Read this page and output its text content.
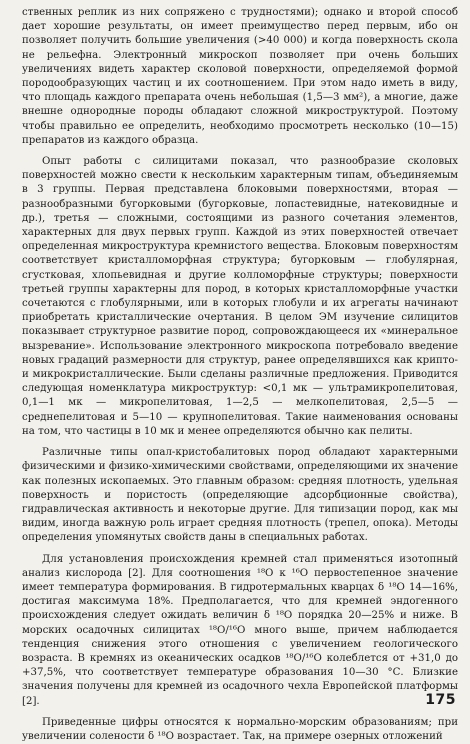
ственных реплик из них сопряжено с трудностями); однако и второй способ дает хорошие результаты, он имеет преимущество перед первым, ибо он позволяет получить большие увеличения (>40 000) и когда поверхность скола не рельефна. Электронный микроскоп позволяет при очень больших увеличениях видеть характер сколовой поверхности, определяемой формой породообразующих частиц и их соотношением. При этом надо иметь в виду, что площадь каждого препарата очень небольшая (1,5—3 мм²), а многие, даже внешне однородные породы обладают сложной микроструктурой. Поэтому чтобы правильно ее определить, необходимо просмотреть несколько (10—15) препаратов из каждого образца.

Опыт работы с силицитами показал, что разнообразие сколовых поверхностей можно свести к нескольким характерным типам, объединяемым в 3 группы. Первая представлена блоковыми поверхностями, вторая — разнообразными бугорковыми (бугорковые, лопастевидные, натековидные и др.), третья — сложными, состоящими из разного сочетания элементов, характерных для двух первых групп. Каждой из этих поверхностей отвечает определенная микроструктура кремнистого вещества. Блоковым поверхностям соответствует кристалломорфная структура; бугорковым — глобулярная, сгустковая, хлопьевидная и другие колломорфные структуры; поверхности третьей группы характерны для пород, в которых кристалломорфные участки сочетаются с глобулярными, или в которых глобули и их агрегаты начинают приобретать кристаллические очертания. В целом ЭМ изучение силицитов показывает структурное развитие пород, сопровождающееся их «минеральное вызревание». Использование электронного микроскопа потребовало введение новых градаций размерности для структур, ранее определявшихся как крипто- и микрокристаллические. Были сделаны различные предложения. Приводится следующая номенклатура микроструктур: <0,1 мк — ультрамикропелитовая, 0,1—1 мк — микропелитовая, 1—2,5 — мелкопелитовая, 2,5—5 — среднепелитовая и 5—10 — крупнопелитовая. Такие наименования основаны на том, что частицы в 10 мк и менее определяются обычно как пелиты.

Различные типы опал-кристобалитовых пород обладают характерными физическими и физико-химическими свойствами, определяющими их значение как полезных ископаемых. Это главным образом: средняя плотность, удельная поверхность и пористость (определяющие адсорбционные свойства), гидравлическая активность и некоторые другие. Для типизации пород, как мы видим, иногда важную роль играет средняя плотность (трепел, опока). Методы определения упомянутых свойств даны в специальных работах.

Для установления происхождения кремней стал применяться изотопный анализ кислорода [2]. Для соотношения ¹⁸O к ¹⁶O первостепенное значение имеет температура формирования. В гидротермальных кварцах δ ¹⁸O 14—16%, достигая максимума 18%. Предполагается, что для кремней эндогенного происхождения следует ожидать величин δ ¹⁸O порядка 20—25% и ниже. В морских осадочных силицитах ¹⁸O/¹⁶O много выше, причем наблюдается тенденция снижения этого отношения с увеличением геологического возраста. В кремнях из океанических осадков ¹⁸O/¹⁶O колеблется от +31,0 до +37,5%, что соответствует температуре образования 10—30 °С. Близкие значения получены для кремней из осадочного чехла Европейской платформы [2].

Приведенные цифры относятся к нормально-морским образованиям; при увеличении солености δ ¹⁸O возрастает. Так, на примере озерных отложений

175
